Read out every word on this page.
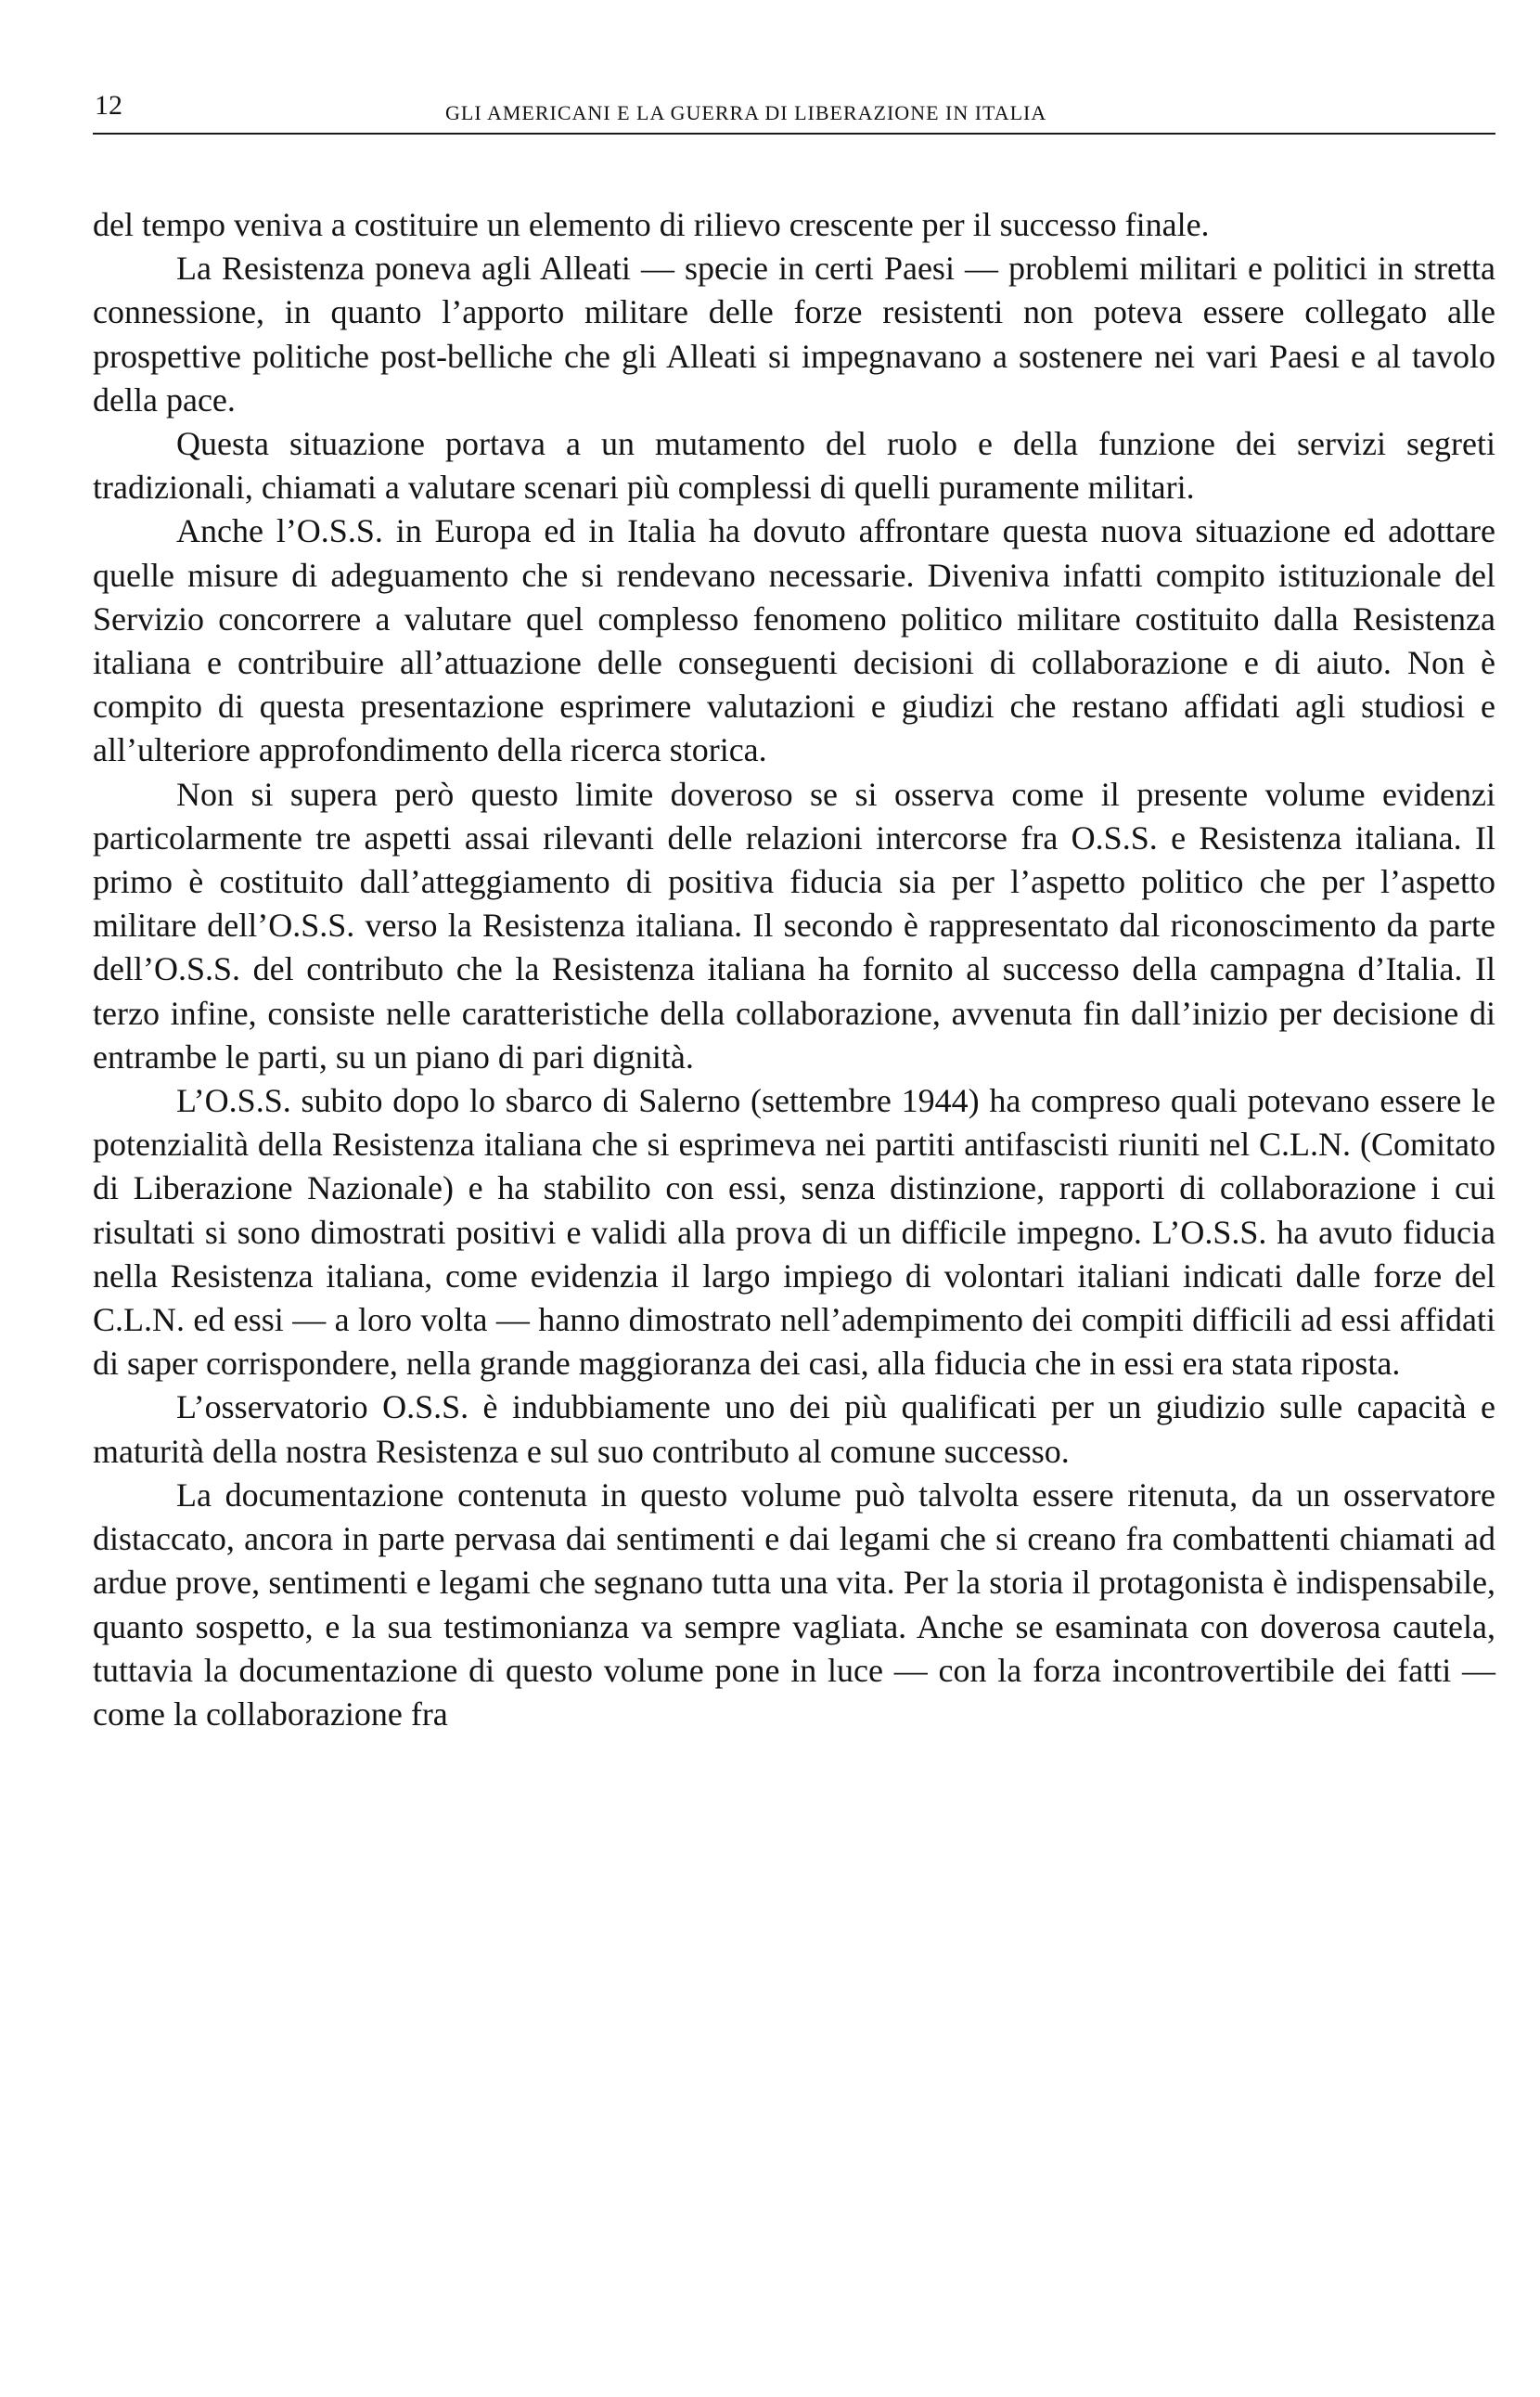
12	GLI AMERICANI E LA GUERRA DI LIBERAZIONE IN ITALIA

del tempo veniva a costituire un elemento di rilievo crescente per il successo finale.

La Resistenza poneva agli Alleati — specie in certi Paesi — problemi militari e politici in stretta connessione, in quanto l’apporto militare delle forze resistenti non poteva essere collegato alle prospettive politiche post-belliche che gli Alleati si impegnavano a sostenere nei vari Paesi e al tavolo della pace.

Questa situazione portava a un mutamento del ruolo e della funzione dei servizi segreti tradizionali, chiamati a valutare scenari più complessi di quelli puramente militari.

Anche l’O.S.S. in Europa ed in Italia ha dovuto affrontare questa nuova situazione ed adottare quelle misure di adeguamento che si rendevano necessarie. Diveniva infatti compito istituzionale del Servizio concorrere a valutare quel complesso fenomeno politico militare costituito dalla Resistenza italiana e contribuire all’attuazione delle conseguenti decisioni di collaborazione e di aiuto. Non è compito di questa presentazione esprimere valutazioni e giudizi che restano affidati agli studiosi e all’ulteriore approfondimento della ricerca storica.

Non si supera però questo limite doveroso se si osserva come il presente volume evidenzi particolarmente tre aspetti assai rilevanti delle relazioni intercorse fra O.S.S. e Resistenza italiana. Il primo è costituito dall’atteggiamento di positiva fiducia sia per l’aspetto politico che per l’aspetto militare dell’O.S.S. verso la Resistenza italiana. Il secondo è rappresentato dal riconoscimento da parte dell’O.S.S. del contributo che la Resistenza italiana ha fornito al successo della campagna d’Italia. Il terzo infine, consiste nelle caratteristiche della collaborazione, avvenuta fin dall’inizio per decisione di entrambe le parti, su un piano di pari dignità.

L’O.S.S. subito dopo lo sbarco di Salerno (settembre 1944) ha compreso quali potevano essere le potenzialità della Resistenza italiana che si esprimeva nei partiti antifascisti riuniti nel C.L.N. (Comitato di Liberazione Nazionale) e ha stabilito con essi, senza distinzione, rapporti di collaborazione i cui risultati si sono dimostrati positivi e validi alla prova di un difficile impegno. L’O.S.S. ha avuto fiducia nella Resistenza italiana, come evidenzia il largo impiego di volontari italiani indicati dalle forze del C.L.N. ed essi — a loro volta — hanno dimostrato nell’adempimento dei compiti difficili ad essi affidati di saper corrispondere, nella grande maggioranza dei casi, alla fiducia che in essi era stata riposta.

L’osservatorio O.S.S. è indubbiamente uno dei più qualificati per un giudizio sulle capacità e maturità della nostra Resistenza e sul suo contributo al comune successo.

La documentazione contenuta in questo volume può talvolta essere ritenuta, da un osservatore distaccato, ancora in parte pervasa dai sentimenti e dai legami che si creano fra combattenti chiamati ad ardue prove, sentimenti e legami che segnano tutta una vita. Per la storia il protagonista è indispensabile, quanto sospetto, e la sua testimonianza va sempre vagliata. Anche se esaminata con doverosa cautela, tuttavia la documentazione di questo volume pone in luce — con la forza incontrovertibile dei fatti — come la collaborazione fra
